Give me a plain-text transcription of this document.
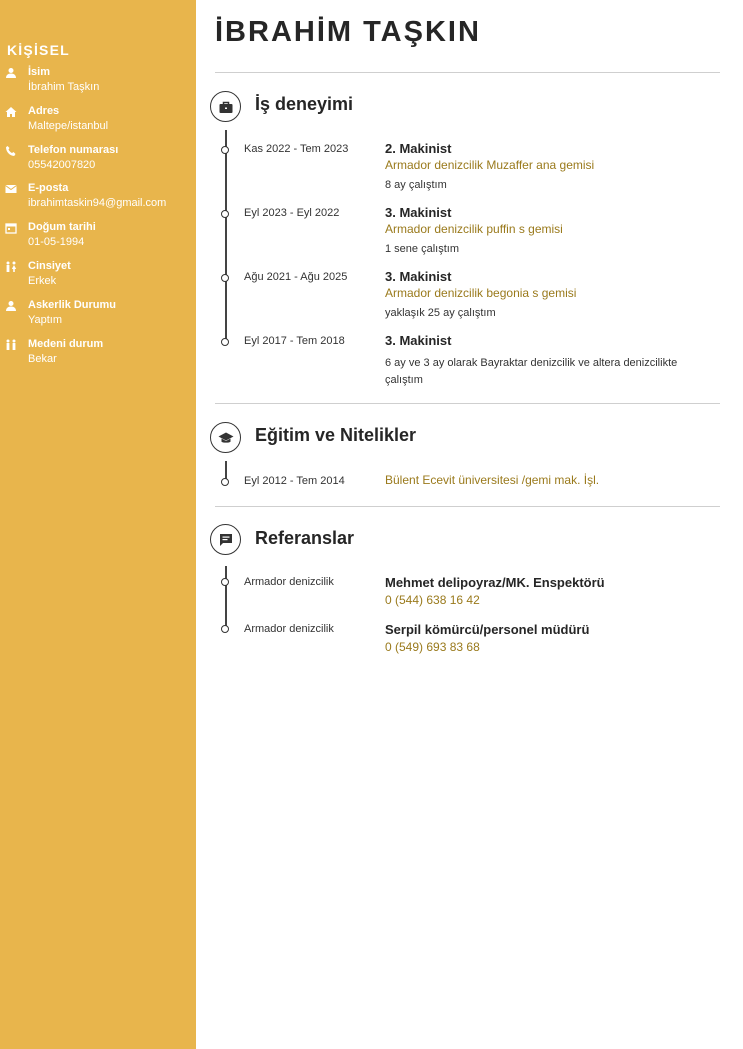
KİŞİSEL
İsim
İbrahim Taşkın
Adres
Maltepe/istanbul
Telefon numarası
05542007820
E-posta
ibrahimtaskin94@gmail.com
Doğum tarihi
01-05-1994
Cinsiyet
Erkek
Askerlik Durumu
Yaptım
Medeni durum
Bekar
İBRAHİM TAŞKIN
İş deneyimi
Kas 2022 - Tem 2023	2. Makinist
Armador denizcilik Muzaffer ana gemisi
8 ay çalıştım
Eyl 2023 - Eyl 2022	3. Makinist
Armador denizcilik puffin s gemisi
1 sene çalıştım
Ağu 2021 - Ağu 2025	3. Makinist
Armador denizcilik begonia s gemisi
yaklaşık 25 ay çalıştım
Eyl 2017 - Tem 2018	3. Makinist
6 ay ve 3 ay olarak Bayraktar denizcilik ve altera denizcilikte çalıştım
Eğitim ve Nitelikler
Eyl 2012 - Tem 2014	Bülent Ecevit üniversitesi /gemi mak. İşl.
Referanslar
Armador denizcilik	Mehmet delipoyraz/MK. Enspektörü
0 (544) 638 16 42
Armador denizcilik	Serpil kömürcü/personel müdürü
0 (549) 693 83 68
